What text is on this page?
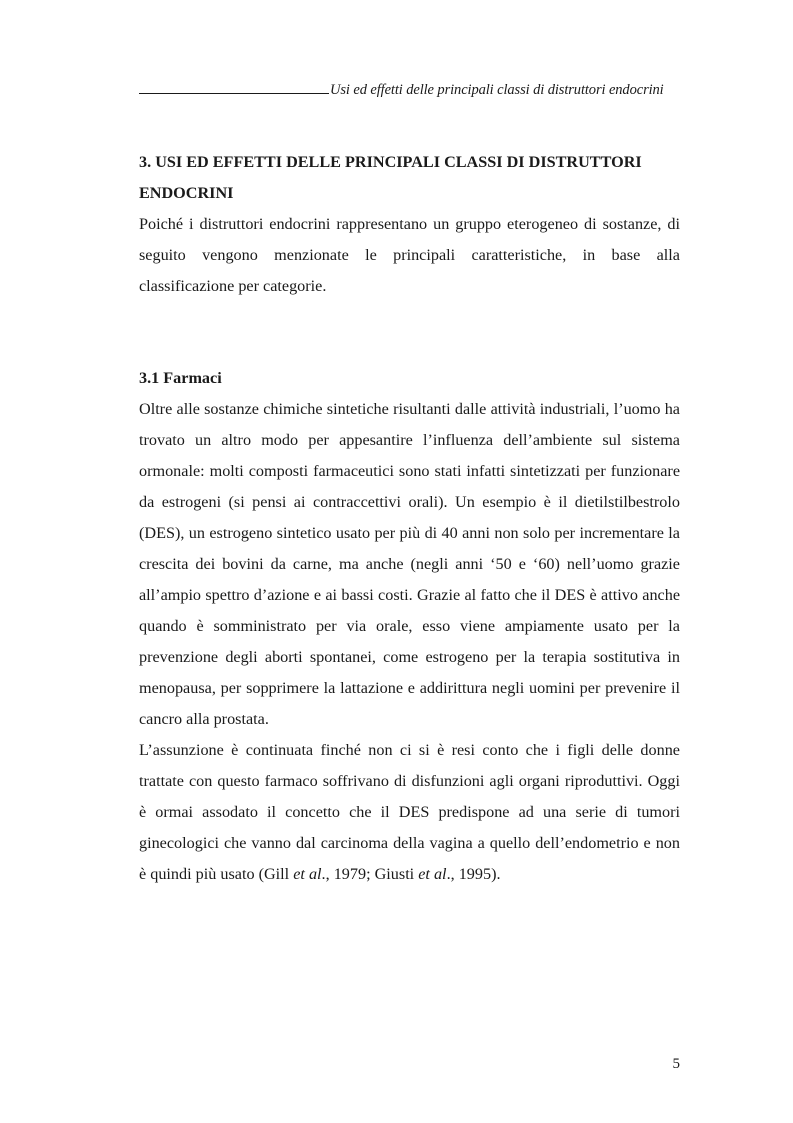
Usi ed effetti delle principali classi di distruttori endocrini

3. USI ED EFFETTI DELLE PRINCIPALI CLASSI DI DISTRUTTORI ENDOCRINI

Poiché i distruttori endocrini rappresentano un gruppo eterogeneo di sostanze, di seguito vengono menzionate le principali caratteristiche, in base alla classificazione per categorie.

3.1 Farmaci

Oltre alle sostanze chimiche sintetiche risultanti dalle attività industriali, l’uomo ha trovato un altro modo per appesantire l’influenza dell’ambiente sul sistema ormonale: molti composti farmaceutici sono stati infatti sintetizzati per funzionare da estrogeni (si pensi ai contraccettivi orali). Un esempio è il dietilstilbestrolo (DES), un estrogeno sintetico usato per più di 40 anni non solo per incrementare la crescita dei bovini da carne, ma anche (negli anni ‘50 e ‘60) nell’uomo grazie all’ampio spettro d’azione e ai bassi costi. Grazie al fatto che il DES è attivo anche quando è somministrato per via orale, esso viene ampiamente usato per la prevenzione degli aborti spontanei, come estrogeno per la terapia sostitutiva in menopausa, per sopprimere la lattazione e addirittura negli uomini per prevenire il cancro alla prostata.

L’assunzione è continuata finché non ci si è resi conto che i figli delle donne trattate con questo farmaco soffrivano di disfunzioni agli organi riproduttivi. Oggi è ormai assodato il concetto che il DES predispone ad una serie di tumori ginecologici che vanno dal carcinoma della vagina a quello dell’endometrio e non è quindi più usato (Gill et al., 1979; Giusti et al., 1995).

5
